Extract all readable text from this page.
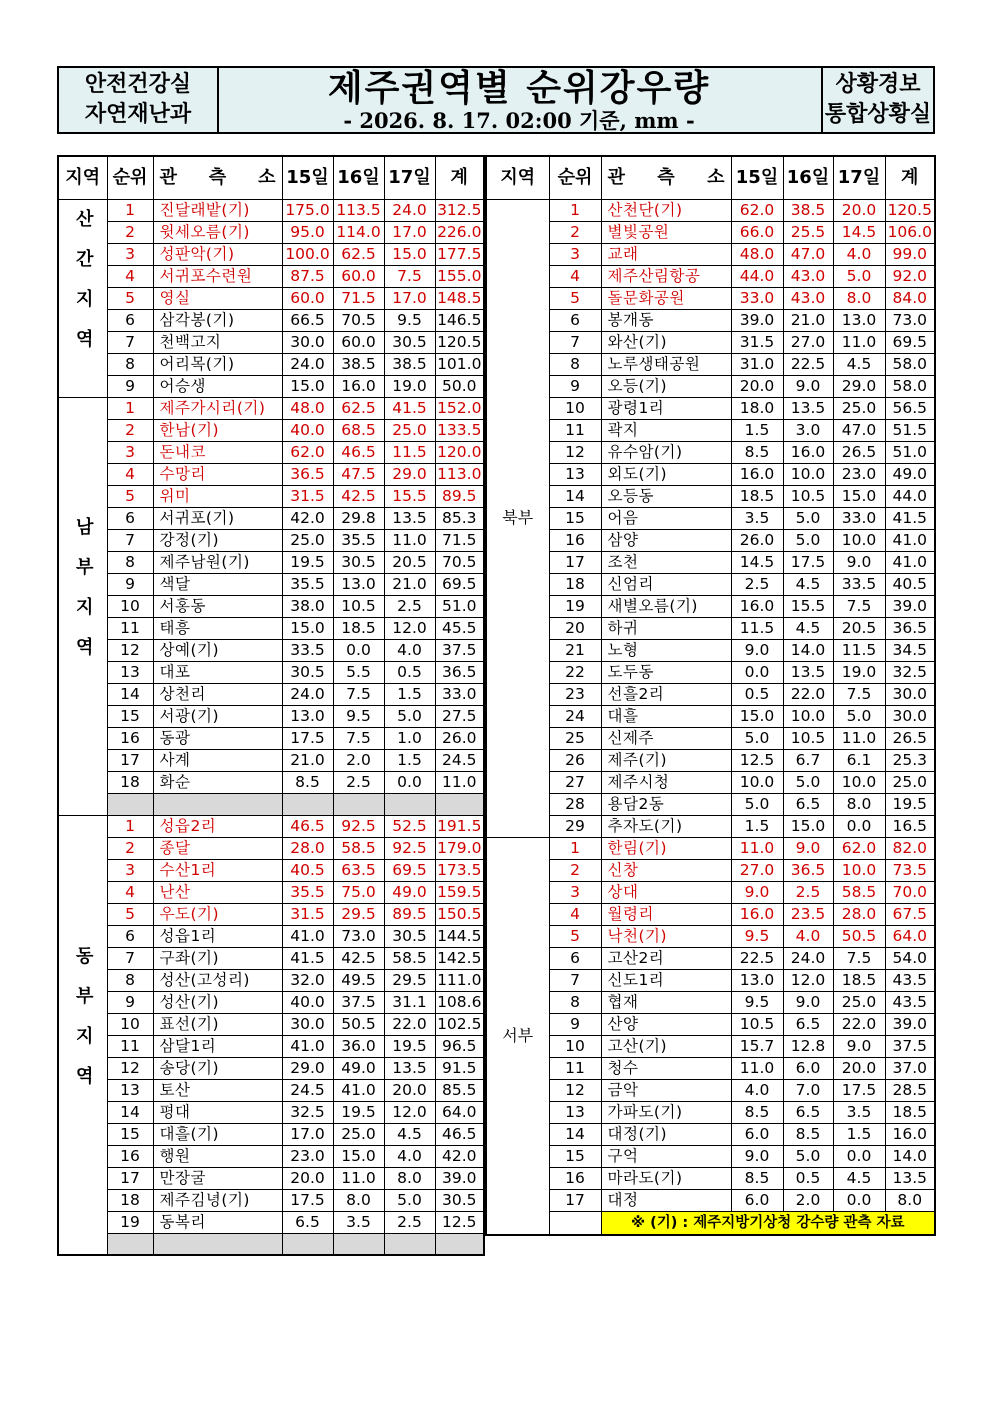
안전건강실
자연재난과
제주권역별 순위강우량
- 2026. 8. 17. 02:00 기준, mm -
상황경보
통합상황실
지역	순위	관 측 소	15일	16일	17일	계
산간지역	1	진달래밭(기)	175.0	113.5	24.0	312.5
	2	윗세오름(기)	95.0	114.0	17.0	226.0
	3	성판악(기)	100.0	62.5	15.0	177.5
	4	서귀포수련원	87.5	60.0	7.5	155.0
	5	영실	60.0	71.5	17.0	148.5
	6	삼각봉(기)	66.5	70.5	9.5	146.5
	7	천백고지	30.0	60.0	30.5	120.5
	8	어리목(기)	24.0	38.5	38.5	101.0
	9	어승생	15.0	16.0	19.0	50.0
남부지역	1	제주가시리(기)	48.0	62.5	41.5	152.0
	2	한남(기)	40.0	68.5	25.0	133.5
	3	돈내코	62.0	46.5	11.5	120.0
	4	수망리	36.5	47.5	29.0	113.0
	5	위미	31.5	42.5	15.5	89.5
	6	서귀포(기)	42.0	29.8	13.5	85.3
	7	강정(기)	25.0	35.5	11.0	71.5
	8	제주남원(기)	19.5	30.5	20.5	70.5
	9	색달	35.5	13.0	21.0	69.5
	10	서홍동	38.0	10.5	2.5	51.0
	11	태흥	15.0	18.5	12.0	45.5
	12	상예(기)	33.5	0.0	4.0	37.5
	13	대포	30.5	5.5	0.5	36.5
	14	상천리	24.0	7.5	1.5	33.0
	15	서광(기)	13.0	9.5	5.0	27.5
	16	동광	17.5	7.5	1.0	26.0
	17	사계	21.0	2.0	1.5	24.5
	18	화순	8.5	2.5	0.0	11.0

동부지역	1	성읍2리	46.5	92.5	52.5	191.5
	2	종달	28.0	58.5	92.5	179.0
	3	수산1리	40.5	63.5	69.5	173.5
	4	난산	35.5	75.0	49.0	159.5
	5	우도(기)	31.5	29.5	89.5	150.5
	6	성읍1리	41.0	73.0	30.5	144.5
	7	구좌(기)	41.5	42.5	58.5	142.5
	8	성산(고성리)	32.0	49.5	29.5	111.0
	9	성산(기)	40.0	37.5	31.1	108.6
	10	표선(기)	30.0	50.5	22.0	102.5
	11	삼달1리	41.0	36.0	19.5	96.5
	12	송당(기)	29.0	49.0	13.5	91.5
	13	토산	24.5	41.0	20.0	85.5
	14	평대	32.5	19.5	12.0	64.0
	15	대흘(기)	17.0	25.0	4.5	46.5
	16	행원	23.0	15.0	4.0	42.0
	17	만장굴	20.0	11.0	8.0	39.0
	18	제주김녕(기)	17.5	8.0	5.0	30.5
	19	동복리	6.5	3.5	2.5	12.5

지역	순위	관 측 소	15일	16일	17일	계
북부	1	산천단(기)	62.0	38.5	20.0	120.5
	2	별빛공원	66.0	25.5	14.5	106.0
	3	교래	48.0	47.0	4.0	99.0
	4	제주산림항공	44.0	43.0	5.0	92.0
	5	돌문화공원	33.0	43.0	8.0	84.0
	6	봉개동	39.0	21.0	13.0	73.0
	7	와산(기)	31.5	27.0	11.0	69.5
	8	노루생태공원	31.0	22.5	4.5	58.0
	9	오등(기)	20.0	9.0	29.0	58.0
	10	광령1리	18.0	13.5	25.0	56.5
	11	곽지	1.5	3.0	47.0	51.5
	12	유수암(기)	8.5	16.0	26.5	51.0
	13	외도(기)	16.0	10.0	23.0	49.0
	14	오등동	18.5	10.5	15.0	44.0
	15	어음	3.5	5.0	33.0	41.5
	16	삼양	26.0	5.0	10.0	41.0
	17	조천	14.5	17.5	9.0	41.0
	18	신엄리	2.5	4.5	33.5	40.5
	19	새별오름(기)	16.0	15.5	7.5	39.0
	20	하귀	11.5	4.5	20.5	36.5
	21	노형	9.0	14.0	11.5	34.5
	22	도두동	0.0	13.5	19.0	32.5
	23	선흘2리	0.5	22.0	7.5	30.0
	24	대흘	15.0	10.0	5.0	30.0
	25	신제주	5.0	10.5	11.0	26.5
	26	제주(기)	12.5	6.7	6.1	25.3
	27	제주시청	10.0	5.0	10.0	25.0
	28	용담2동	5.0	6.5	8.0	19.5
	29	추자도(기)	1.5	15.0	0.0	16.5
서부	1	한림(기)	11.0	9.0	62.0	82.0
	2	신창	27.0	36.5	10.0	73.5
	3	상대	9.0	2.5	58.5	70.0
	4	월령리	16.0	23.5	28.0	67.5
	5	낙천(기)	9.5	4.0	50.5	64.0
	6	고산2리	22.5	24.0	7.5	54.0
	7	신도1리	13.0	12.0	18.5	43.5
	8	협재	9.5	9.0	25.0	43.5
	9	산양	10.5	6.5	22.0	39.0
	10	고산(기)	15.7	12.8	9.0	37.5
	11	청수	11.0	6.0	20.0	37.0
	12	금악	4.0	7.0	17.5	28.5
	13	가파도(기)	8.5	6.5	3.5	18.5
	14	대정(기)	6.0	8.5	1.5	16.0
	15	구억	9.0	5.0	0.0	14.0
	16	마라도(기)	8.5	0.5	4.5	13.5
	17	대정	6.0	2.0	0.0	8.0
		※ (기) : 제주지방기상청 강수량 관측 자료				
